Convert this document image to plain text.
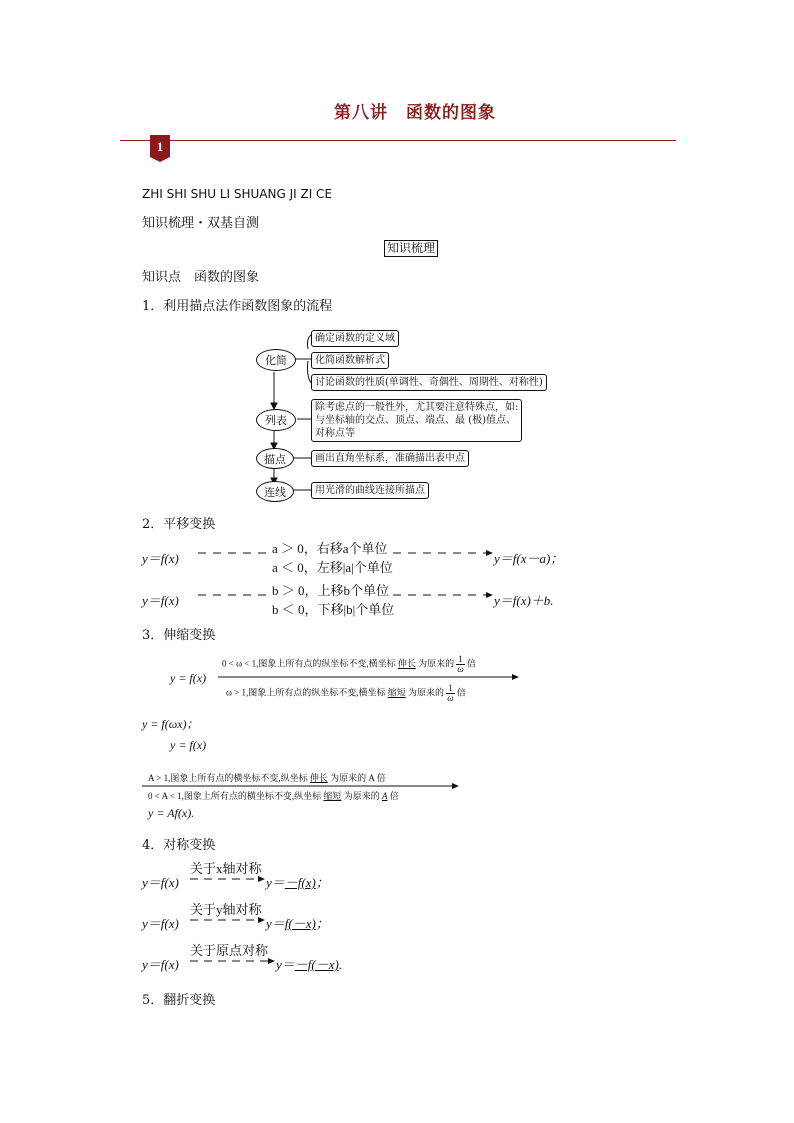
第八讲　函数的图象
1
ZHI SHI SHU LI SHUANG JI ZI CE
知识梳理・双基自测
知识梳理
知识点　函数的图象
1．利用描点法作函数图象的流程
化简
列表
描点
连线
确定函数的定义域
化简函数解析式
讨论函数的性质(单调性、奇偶性、周期性、对称性)
除考虑点的一般性外，尤其要注意特殊点，如:
与坐标轴的交点、顶点、端点、最 (极)值点、
对称点等
画出直角坐标系，准确描出表中点
用光滑的曲线连接所描点
2．平移变换
y＝f(x)
a ＞ 0，右移a个单位
a ＜ 0，左移|a|个单位
y＝f(x－a)；
y＝f(x)
b ＞ 0，上移b个单位
b ＜ 0，下移|b|个单位
y＝f(x)＋b.
3．伸缩变换
y = f(x)
0 < ω < 1,图象上所有点的纵坐标不变,横坐标 伸长 为原来的 $\frac{1}{\omega}$ 倍
ω > 1,图象上所有点的纵坐标不变,横坐标 缩短 为原来的 $\frac{1}{\omega}$ 倍
y = f(ωx)；
y = f(x)
A > 1,图象上所有点的横坐标不变,纵坐标 伸长 为原来的 A 倍
0 < A < 1,图象上所有点的横坐标不变,纵坐标 缩短 为原来的 A 倍
y = Af(x).
4．对称变换
y＝f(x)
关于x轴对称
y＝－f(x)；
y＝f(x)
关于y轴对称
y＝f(－x)；
y＝f(x)
关于原点对称
y＝－f(－x).
5．翻折变换
